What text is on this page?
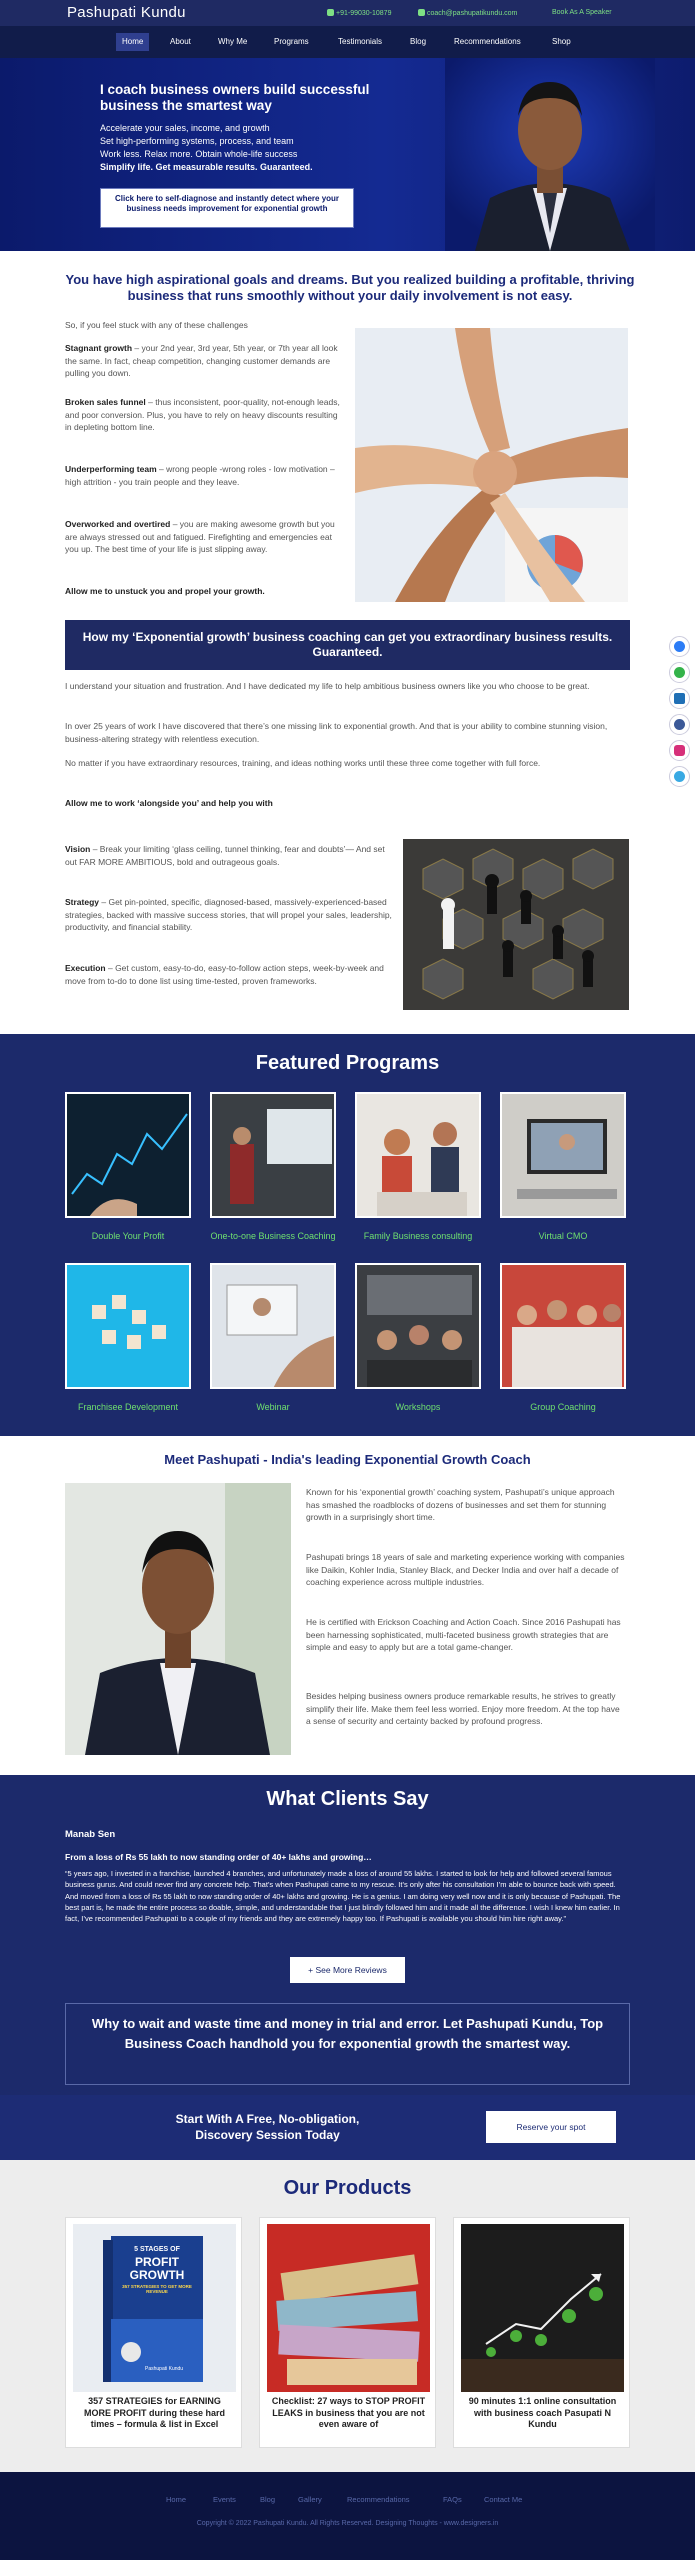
Pashupati Kundu	+91-99030-10879	coach@pashupatikundu.com	Book As A Speaker
Home	About	Why Me	Programs	Testimonials	Blog	Recommendations	Shop
I coach business owners build successful business the smartest way
Accelerate your sales, income, and growth
Set high-performing systems, process, and team
Work less. Relax more. Obtain whole-life success
Simplify life. Get measurable results. Guaranteed.
Click here to self-diagnose and instantly detect where your business needs improvement for exponential growth
You have high aspirational goals and dreams. But you realized building a profitable, thriving business that runs smoothly without your daily involvement is not easy.
So, if you feel stuck with any of these challenges
Stagnant growth – your 2nd year, 3rd year, 5th year, or 7th year all look the same. In fact, cheap competition, changing customer demands are pulling you down.
Broken sales funnel – thus inconsistent, poor-quality, not-enough leads, and poor conversion. Plus, you have to rely on heavy discounts resulting in depleting bottom line.
Underperforming team – wrong people -wrong roles - low motivation – high attrition - you train people and they leave.
Overworked and overtired – you are making awesome growth but you are always stressed out and fatigued. Firefighting and emergencies eat you up. The best time of your life is just slipping away.
Allow me to unstuck you and propel your growth.
How my ‘Exponential growth’ business coaching can get you extraordinary business results. Guaranteed.
I understand your situation and frustration. And I have dedicated my life to help ambitious business owners like you who choose to be great.
In over 25 years of work I have discovered that there’s one missing link to exponential growth. And that is your ability to combine stunning vision, business-altering strategy with relentless execution.
No matter if you have extraordinary resources, training, and ideas nothing works until these three come together with full force.
Allow me to work ‘alongside you’ and help you with
Vision – Break your limiting ‘glass ceiling, tunnel thinking, fear and doubts’— And set out FAR MORE AMBITIOUS, bold and outrageous goals.
Strategy – Get pin-pointed, specific, diagnosed-based, massively-experienced-based strategies, backed with massive success stories, that will propel your sales, leadership, productivity, and financial stability.
Execution – Get custom, easy-to-do, easy-to-follow action steps, week-by-week and move from to-do to done list using time-tested, proven frameworks.
Featured Programs
Double Your Profit	One-to-one Business Coaching	Family Business consulting	Virtual CMO
Franchisee Development	Webinar	Workshops	Group Coaching
Meet Pashupati - India's leading Exponential Growth Coach
Known for his ‘exponential growth’ coaching system, Pashupati’s unique approach has smashed the roadblocks of dozens of businesses and set them for stunning growth in a surprisingly short time.
Pashupati brings 18 years of sale and marketing experience working with companies like Daikin, Kohler India, Stanley Black, and Decker India and over half a decade of coaching experience across multiple industries.
He is certified with Erickson Coaching and Action Coach. Since 2016 Pashupati has been harnessing sophisticated, multi-faceted business growth strategies that are simple and easy to apply but are a total game-changer.
Besides helping business owners produce remarkable results, he strives to greatly simplify their life. Make them feel less worried. Enjoy more freedom. At the top have a sense of security and certainty backed by profound progress.
What Clients Say
Manab Sen
From a loss of Rs 55 lakh to now standing order of 40+ lakhs and growing…
“5 years ago, I invested in a franchise, launched 4 branches, and unfortunately made a loss of around 55 lakhs. I started to look for help and followed several famous business gurus. And could never find any concrete help. That’s when Pashupati came to my rescue. It’s only after his consultation I’m able to bounce back with speed. And moved from a loss of Rs 55 lakh to now standing order of 40+ lakhs and growing. He is a genius. I am doing very well now and it is only because of Pashupati. The best part is, he made the entire process so doable, simple, and understandable that I just blindly followed him and it made all the difference. I wish I knew him earlier. In fact, I’ve recommended Pashupati to a couple of my friends and they are extremely happy too. If Pashupati is available you should him hire right away.”
+ See More Reviews
Why to wait and waste time and money in trial and error. Let Pashupati Kundu, Top Business Coach handhold you for exponential growth the smartest way.
Start With A Free, No-obligation, Discovery Session Today
Reserve your spot
Our Products
5 STAGES OF
PROFIT GROWTH
357 STRATEGIES TO GET MORE REVENUE
Pashupati Kundu
357 STRATEGIES for EARNING MORE PROFIT during these hard times – formula & list in Excel
Checklist: 27 ways to STOP PROFIT LEAKS in business that you are not even aware of
90 minutes 1:1 online consultation with business coach Pasupati N Kundu
Home	Events	Blog	Gallery	Recommendations	FAQs	Contact Me
Copyright © 2022 Pashupati Kundu. All Rights Reserved. Designing Thoughts - www.designers.in
